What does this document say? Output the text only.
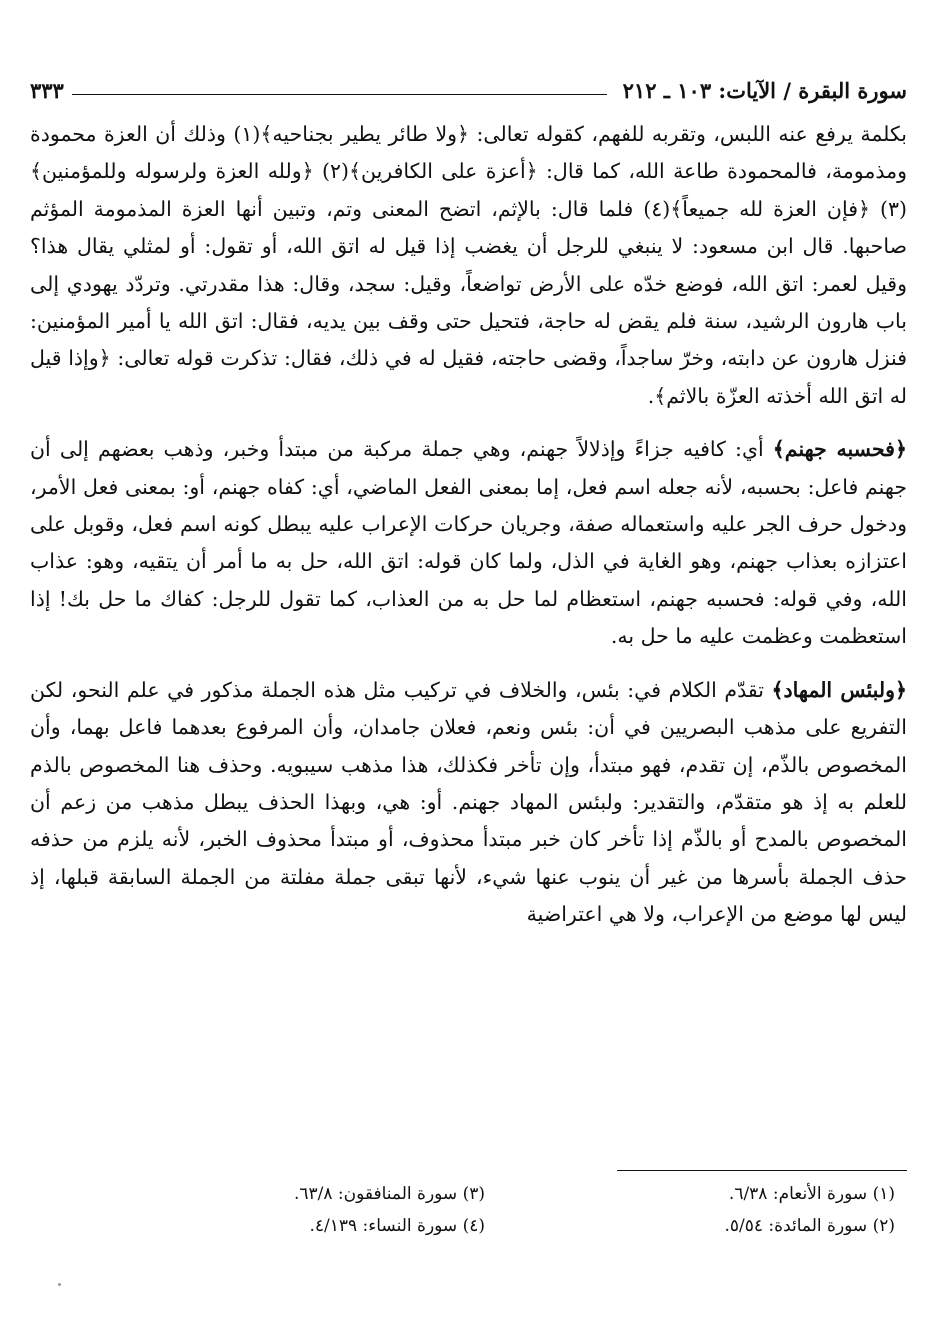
سورة البقرة / الآيات: ١٠٣ ـ ٢١٢
٣٣٣

بكلمة يرفع عنه اللبس، وتقربه للفهم، كقوله تعالى: ﴿ولا طائر يطير بجناحيه﴾(١) وذلك أن العزة محمودة ومذمومة، فالمحمودة طاعة الله، كما قال: ﴿أعزة على الكافرين﴾(٢) ﴿ولله العزة ولرسوله وللمؤمنين﴾(٣) ﴿فإن العزة لله جميعاً﴾(٤) فلما قال: بالإثم، اتضح المعنى وتم، وتبين أنها العزة المذمومة المؤثم صاحبها. قال ابن مسعود: لا ينبغي للرجل أن يغضب إذا قيل له اتق الله، أو تقول: أو لمثلي يقال هذا؟ وقيل لعمر: اتق الله، فوضع خدّه على الأرض تواضعاً، وقيل: سجد، وقال: هذا مقدرتي. وتردّد يهودي إلى باب هارون الرشيد، سنة فلم يقض له حاجة، فتحيل حتى وقف بين يديه، فقال: اتق الله يا أمير المؤمنين: فنزل هارون عن دابته، وخرّ ساجداً، وقضى حاجته، فقيل له في ذلك، فقال: تذكرت قوله تعالى: ﴿وإذا قيل له اتق الله أخذته العزّة بالاثم﴾.

﴿فحسبه جهنم﴾ أي: كافيه جزاءً وإذلالاً جهنم، وهي جملة مركبة من مبتدأ وخبر، وذهب بعضهم إلى أن جهنم فاعل: بحسبه، لأنه جعله اسم فعل، إما بمعنى الفعل الماضي، أي: كفاه جهنم، أو: بمعنى فعل الأمر، ودخول حرف الجر عليه واستعماله صفة، وجريان حركات الإعراب عليه يبطل كونه اسم فعل، وقوبل على اعتزازه بعذاب جهنم، وهو الغاية في الذل، ولما كان قوله: اتق الله، حل به ما أمر أن يتقيه، وهو: عذاب الله، وفي قوله: فحسبه جهنم، استعظام لما حل به من العذاب، كما تقول للرجل: كفاك ما حل بك! إذا استعظمت وعظمت عليه ما حل به.

﴿ولبئس المهاد﴾ تقدّم الكلام في: بئس، والخلاف في تركيب مثل هذه الجملة مذكور في علم النحو، لكن التفريع على مذهب البصريين في أن: بئس ونعم، فعلان جامدان، وأن المرفوع بعدهما فاعل بهما، وأن المخصوص بالذّم، إن تقدم، فهو مبتدأ، وإن تأخر فكذلك، هذا مذهب سيبويه. وحذف هنا المخصوص بالذم للعلم به إذ هو متقدّم، والتقدير: ولبئس المهاد جهنم. أو: هي، وبهذا الحذف يبطل مذهب من زعم أن المخصوص بالمدح أو بالذّم إذا تأخر كان خبر مبتدأ محذوف، أو مبتدأ محذوف الخبر، لأنه يلزم من حذفه حذف الجملة بأسرها من غير أن ينوب عنها شيء، لأنها تبقى جملة مفلتة من الجملة السابقة قبلها، إذ ليس لها موضع من الإعراب، ولا هي اعتراضية

(١) سورة الأنعام: ٦/٣٨.
(٢) سورة المائدة: ٥/٥٤.
(٣) سورة المنافقون: ٦٣/٨.
(٤) سورة النساء: ٤/١٣٩.
